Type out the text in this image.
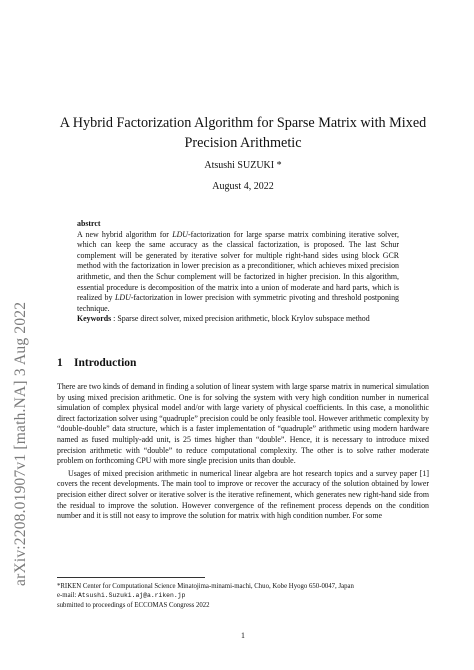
arXiv:2208.01907v1 [math.NA] 3 Aug 2022
A Hybrid Factorization Algorithm for Sparse Matrix with Mixed Precision Arithmetic
Atsushi SUZUKI *
August 4, 2022
abstrct

A new hybrid algorithm for LDU-factorization for large sparse matrix combining iterative solver, which can keep the same accuracy as the classical factorization, is proposed. The last Schur complement will be generated by iterative solver for multiple right-hand sides using block GCR method with the factorization in lower precision as a preconditioner, which achieves mixed precision arithmetic, and then the Schur complement will be factorized in higher precision. In this algorithm, essential procedure is decomposition of the matrix into a union of moderate and hard parts, which is realized by LDU-factorization in lower precision with symmetric pivoting and threshold postponing technique.

Keywords : Sparse direct solver, mixed precision arithmetic, block Krylov subspace method

1 Introduction

There are two kinds of demand in finding a solution of linear system with large sparse matrix in numerical simulation by using mixed precision arithmetic. One is for solving the system with very high condition number in numerical simulation of complex physical model and/or with large variety of physical coefficients. In this case, a monolithic direct factorization solver using “quadruple” precision could be only feasible tool. However arithmetic complexity by “double-double” data structure, which is a faster implementation of “quadruple” arithmetic using modern hardware named as fused multiply-add unit, is 25 times higher than “double”. Hence, it is necessary to introduce mixed precision arithmetic with “double” to reduce computational complexity. The other is to solve rather moderate problem on forthcoming CPU with more single precision units than double.

Usages of mixed precision arithmetic in numerical linear algebra are hot research topics and a survey paper [1] covers the recent developments. The main tool to improve or recover the accuracy of the solution obtained by lower precision either direct solver or iterative solver is the iterative refinement, which generates new right-hand side from the residual to improve the solution. However convergence of the refinement process depends on the condition number and it is still not easy to improve the solution for matrix with high condition number. For some

*RIKEN Center for Computational Science Minatojima-minami-machi, Chuo, Kobe Hyogo 650-0047, Japan
e-mail: Atsushi.Suzuki.aj@a.riken.jp
submitted to proceedings of ECCOMAS Congress 2022
1
